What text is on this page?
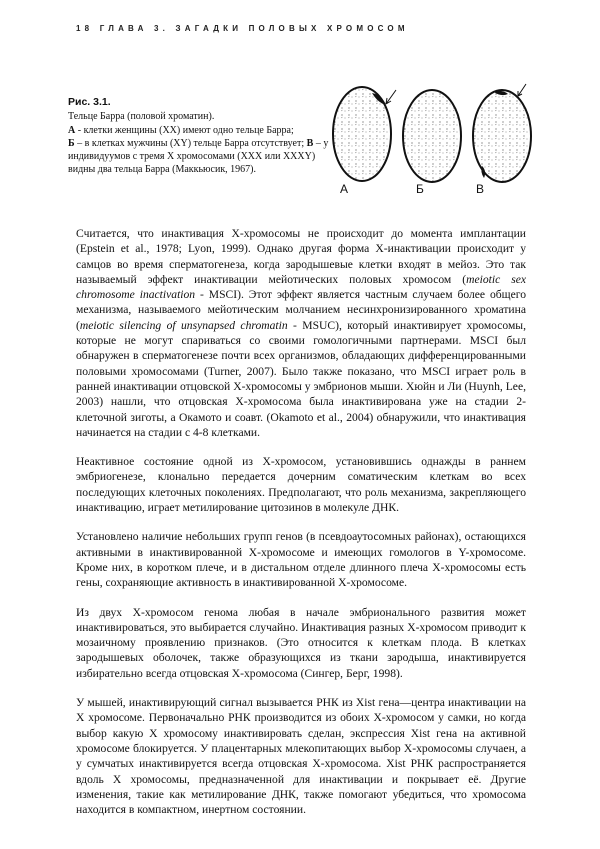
18 ГЛАВА 3. ЗАГАДКИ ПОЛОВЫХ ХРОМОСОМ
Рис. 3.1.
Тельце Барра (половой хроматин).
А - клетки женщины (ХХ) имеют одно тельце Барра;
Б – в клетках мужчины (ХY) тельце Барра отсутствует; В – у индивидуумов с тремя Х хромосомами (ХХХ или ХХХY) видны два тельца Барра (Маккьюсик, 1967).
А	Б	В

Считается, что инактивация Х-хромосомы не происходит до момента имплантации (Epstein et al., 1978; Lyon, 1999). Однако другая форма Х-инактивации происходит у самцов во время сперматогенеза, когда зародышевые клетки входят в мейоз. Это так называемый эффект инактивации мейотических половых хромосом (meiotic sex chromosome inactivation - MSCI). Этот эффект является частным случаем более общего механизма, называемого мейотическим молчанием несинхронизированного хроматина (meiotic silencing of unsynapsed chromatin - MSUC), который инактивирует хромосомы, которые не могут спариваться со своими гомологичными партнерами. MSCI был обнаружен в сперматогенезе почти всех организмов, обладающих дифференцированными половыми хромосомами (Turner, 2007). Было также показано, что MSCI играет роль в ранней инактивации отцовской Х-хромосомы у эмбрионов мыши. Хюйн и Ли (Huynh, Lee, 2003) нашли, что отцовская Х-хромосома была инактивирована уже на стадии 2-клеточной зиготы, а Окамото и соавт. (Okamoto et al., 2004) обнаружили, что инактивация начинается на стадии с 4-8 клетками.

Неактивное состояние одной из Х-хромосом, установившись однажды в раннем эмбриогенезе, клонально передается дочерним соматическим клеткам во всех последующих клеточных поколениях. Предполагают, что роль механизма, закрепляющего инактивацию, играет метилирование цитозинов в молекуле ДНК.

Установлено наличие небольших групп генов (в псевдоаутосомных районах), остающихся активными в инактивированной Х-хромосоме и имеющих гомологов в Y-хромосоме. Кроме них, в коротком плече, и в дистальном отделе длинного плеча Х-хромосомы есть гены, сохраняющие активность в инактивированной Х-хромосоме.

Из двух Х-хромосом генома любая в начале эмбрионального развития может инактивироваться, это выбирается случайно. Инактивация разных Х-хромосом приводит к мозаичному проявлению признаков. (Это относится к клеткам плода. В клетках зародышевых оболочек, также образующихся из ткани зародыша, инактивируется избирательно всегда отцовская Х-хромосома (Сингер, Берг, 1998).

У мышей, инактивирующий сигнал вызывается РНК из Xist гена—центра инактивации на Х хромосоме. Первоначально РНК производится из обоих Х-хромосом у самки, но когда выбор какую Х хромосому инактивировать сделан, экспрессия Xist гена на активной хромосоме блокируется. У плацентарных млекопитающих выбор Х-хромосомы случаен, а у сумчатых инактивируется всегда отцовская Х-хромосома. Xist РНК распространяется вдоль Х хромосомы, предназначенной для инактивации и покрывает её. Другие изменения, такие как метилирование ДНК, также помогают убедиться, что хромосома находится в компактном, инертном состоянии.
